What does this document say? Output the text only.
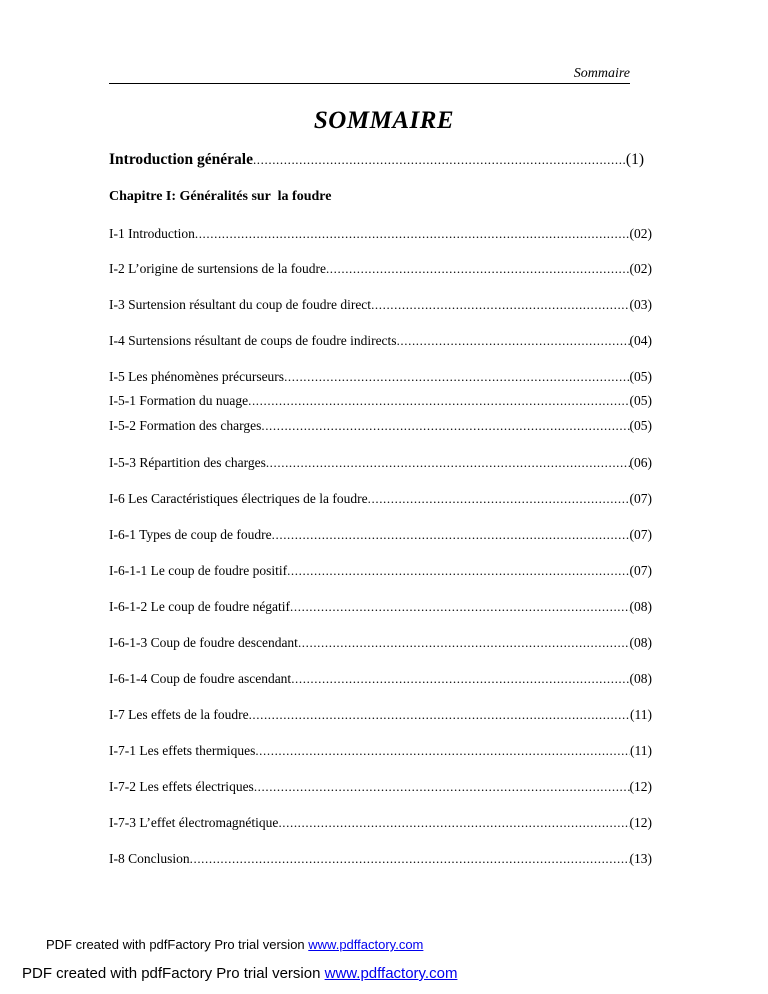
Sommaire
SOMMAIRE
Introduction générale .....	(1)
Chapitre I: Généralités sur  la foudre
I-1 Introduction .....	(02)
I-2 L’origine de surtensions de la foudre .....	(02)
I-3 Surtension résultant du coup de foudre direct .....	(03)
I-4 Surtensions résultant de coups de foudre indirects .....	(04)
I-5 Les phénomènes précurseurs .....	(05)
I-5-1 Formation du nuage .....	(05)
I-5-2 Formation des charges .....	(05)
I-5-3 Répartition des charges .....	(06)
I-6 Les Caractéristiques électriques de la foudre .....	(07)
I-6-1 Types de coup de foudre .....	(07)
I-6-1-1 Le coup de foudre positif .....	(07)
I-6-1-2 Le coup de foudre négatif .....	(08)
I-6-1-3 Coup de foudre descendant .....	(08)
I-6-1-4 Coup de foudre ascendant .....	(08)
I-7 Les effets de la foudre .....	(11)
I-7-1 Les effets thermiques .....	(11)
I-7-2 Les effets électriques .....	(12)
I-7-3 L’effet électromagnétique .....	(12)
I-8 Conclusion .....	(13)
PDF created with pdfFactory Pro trial version www.pdffactory.com
PDF created with pdfFactory Pro trial version www.pdffactory.com
